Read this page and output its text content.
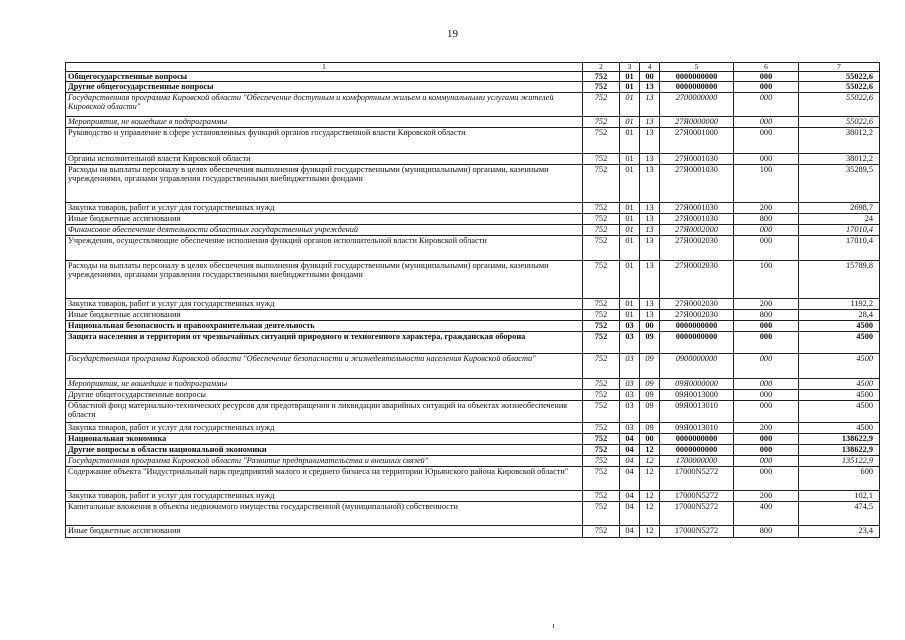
19
1	2	3	4	5	6	7
Общегосударственные вопросы	752	01	00	0000000000	000	55022,6
Другие общегосударственные вопросы	752	01	13	0000000000	000	55022,6
Государственная программа Кировской области "Обеспечение доступным и комфортным жильем и коммунальными услугами жителей Кировской области"	752	01	13	2700000000	000	55022,6
Мероприятия, не вошедшие в подпрограммы	752	01	13	27Я0000000	000	55022,6
Руководство и управление в сфере установленных функций органов государственной власти Кировской области	752	01	13	27Я0001000	000	38012,2
Органы исполнительной власти Кировской области	752	01	13	27Я0001030	000	38012,2
Расходы на выплаты персоналу в целях обеспечения выполнения функций государственными (муниципальными) органами, казенными учреждениями, органами управления государственными внебюджетными фондами	752	01	13	27Я0001030	100	35289,5
Закупка товаров, работ и услуг для государственных нужд	752	01	13	27Я0001030	200	2698,7
Иные бюджетные ассигнования	752	01	13	27Я0001030	800	24
Финансовое обеспечение деятельности областных государственных учреждений	752	01	13	27Я0002000	000	17010,4
Учреждения, осуществляющие обеспечение исполнения функций органов исполнительной власти Кировской области	752	01	13	27Я0002030	000	17010,4
Расходы на выплаты персоналу в целях обеспечения выполнения функций государственными (муниципальными) органами, казенными учреждениями, органами управления государственными внебюджетными фондами	752	01	13	27Я0002030	100	15789,8
Закупка товаров, работ и услуг для государственных нужд	752	01	13	27Я0002030	200	1192,2
Иные бюджетные ассигнования	752	01	13	27Я0002030	800	28,4
Национальная безопасность и правоохранительная деятельность	752	03	00	0000000000	000	4500
Защита населения и территории от чрезвычайных ситуаций природного и техногенного характера, гражданская оборона	752	03	09	0000000000	000	4500
Государственная программа Кировской области "Обеспечение безопасности и жизнедеятельности населения Кировской области"	752	03	09	0900000000	000	4500
Мероприятия, не вошедшие в подпрограммы	752	03	09	09Я0000000	000	4500
Другие общегосударственные вопросы	752	03	09	09Я0013000	000	4500
Областной фонд материально-технических ресурсов для предотвращения и ликвидации аварийных ситуаций на объектах жизнеобеспечения области	752	03	09	09Я0013010	000	4500
Закупка товаров, работ и услуг для государственных нужд	752	03	09	09Я0013010	200	4500
Национальная экономика	752	04	00	0000000000	000	138622,9
Другие вопросы в области национальной экономики	752	04	12	0000000000	000	138622,9
Государственная программа Кировской области "Развитие предпринимательства и внешних связей"	752	04	12	1700000000	000	135122,9
Содержание объекта "Индустриальный парк предприятий малого и среднего бизнеса на территории Юрьянского района Кировской области"	752	04	12	17000N5272	000	600
Закупка товаров, работ и услуг для государственных нужд	752	04	12	17000N5272	200	102,1
Капитальные вложения в объекты недвижимого имущества государственной (муниципальной) собственности	752	04	12	17000N5272	400	474,5
Иные бюджетные ассигнования	752	04	12	17000N5272	800	23,4
